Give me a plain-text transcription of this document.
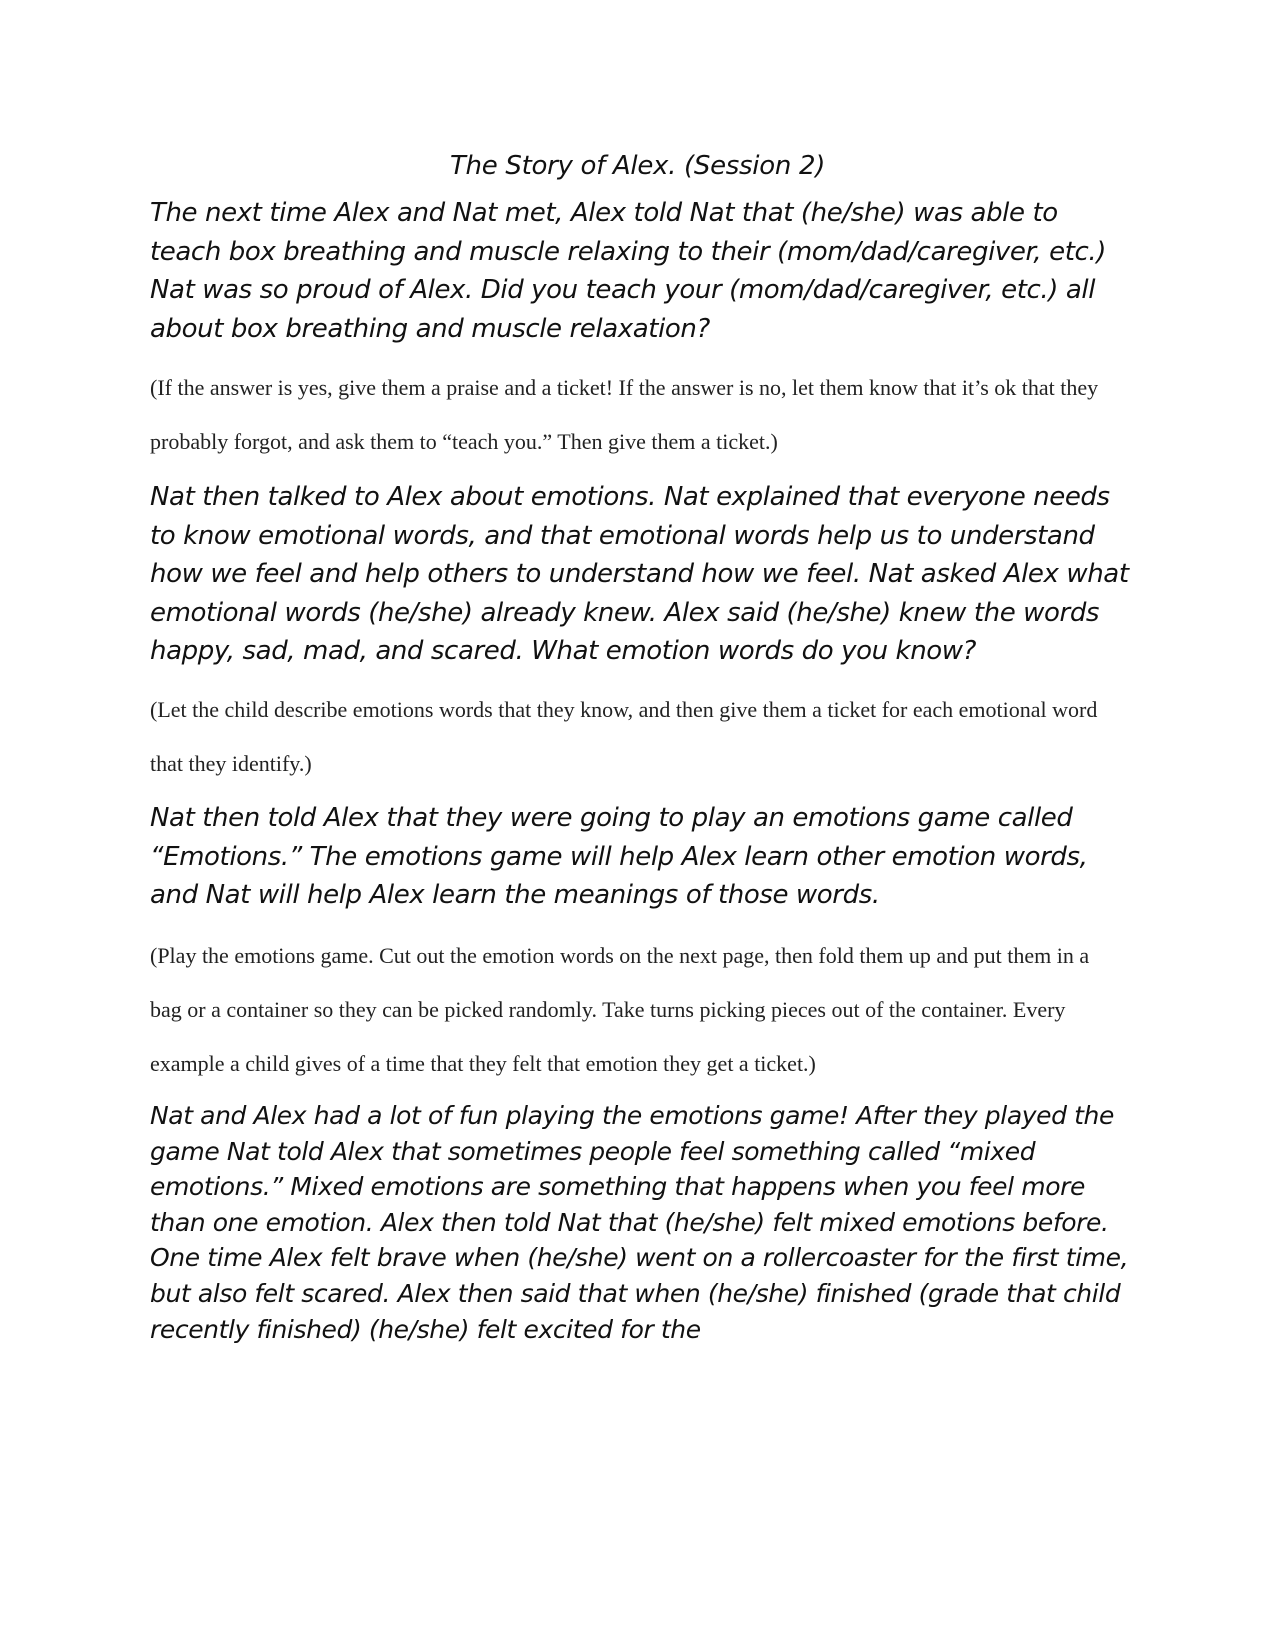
The Story of Alex. (Session 2)

The next time Alex and Nat met, Alex told Nat that (he/she) was able to teach box breathing and muscle relaxing to their (mom/dad/caregiver, etc.) Nat was so proud of Alex. Did you teach your (mom/dad/caregiver, etc.) all about box breathing and muscle relaxation?

(If the answer is yes, give them a praise and a ticket! If the answer is no, let them know that it’s ok that they probably forgot, and ask them to “teach you.” Then give them a ticket.)

Nat then talked to Alex about emotions. Nat explained that everyone needs to know emotional words, and that emotional words help us to understand how we feel and help others to understand how we feel. Nat asked Alex what emotional words (he/she) already knew. Alex said (he/she) knew the words happy, sad, mad, and scared. What emotion words do you know?

(Let the child describe emotions words that they know, and then give them a ticket for each emotional word that they identify.)

Nat then told Alex that they were going to play an emotions game called “Emotions.” The emotions game will help Alex learn other emotion words, and Nat will help Alex learn the meanings of those words.

(Play the emotions game. Cut out the emotion words on the next page, then fold them up and put them in a bag or a container so they can be picked randomly. Take turns picking pieces out of the container. Every example a child gives of a time that they felt that emotion they get a ticket.)

Nat and Alex had a lot of fun playing the emotions game! After they played the game Nat told Alex that sometimes people feel something called “mixed emotions.” Mixed emotions are something that happens when you feel more than one emotion. Alex then told Nat that (he/she) felt mixed emotions before. One time Alex felt brave when (he/she) went on a rollercoaster for the first time, but also felt scared. Alex then said that when (he/she) finished (grade that child recently finished) (he/she) felt excited for the
